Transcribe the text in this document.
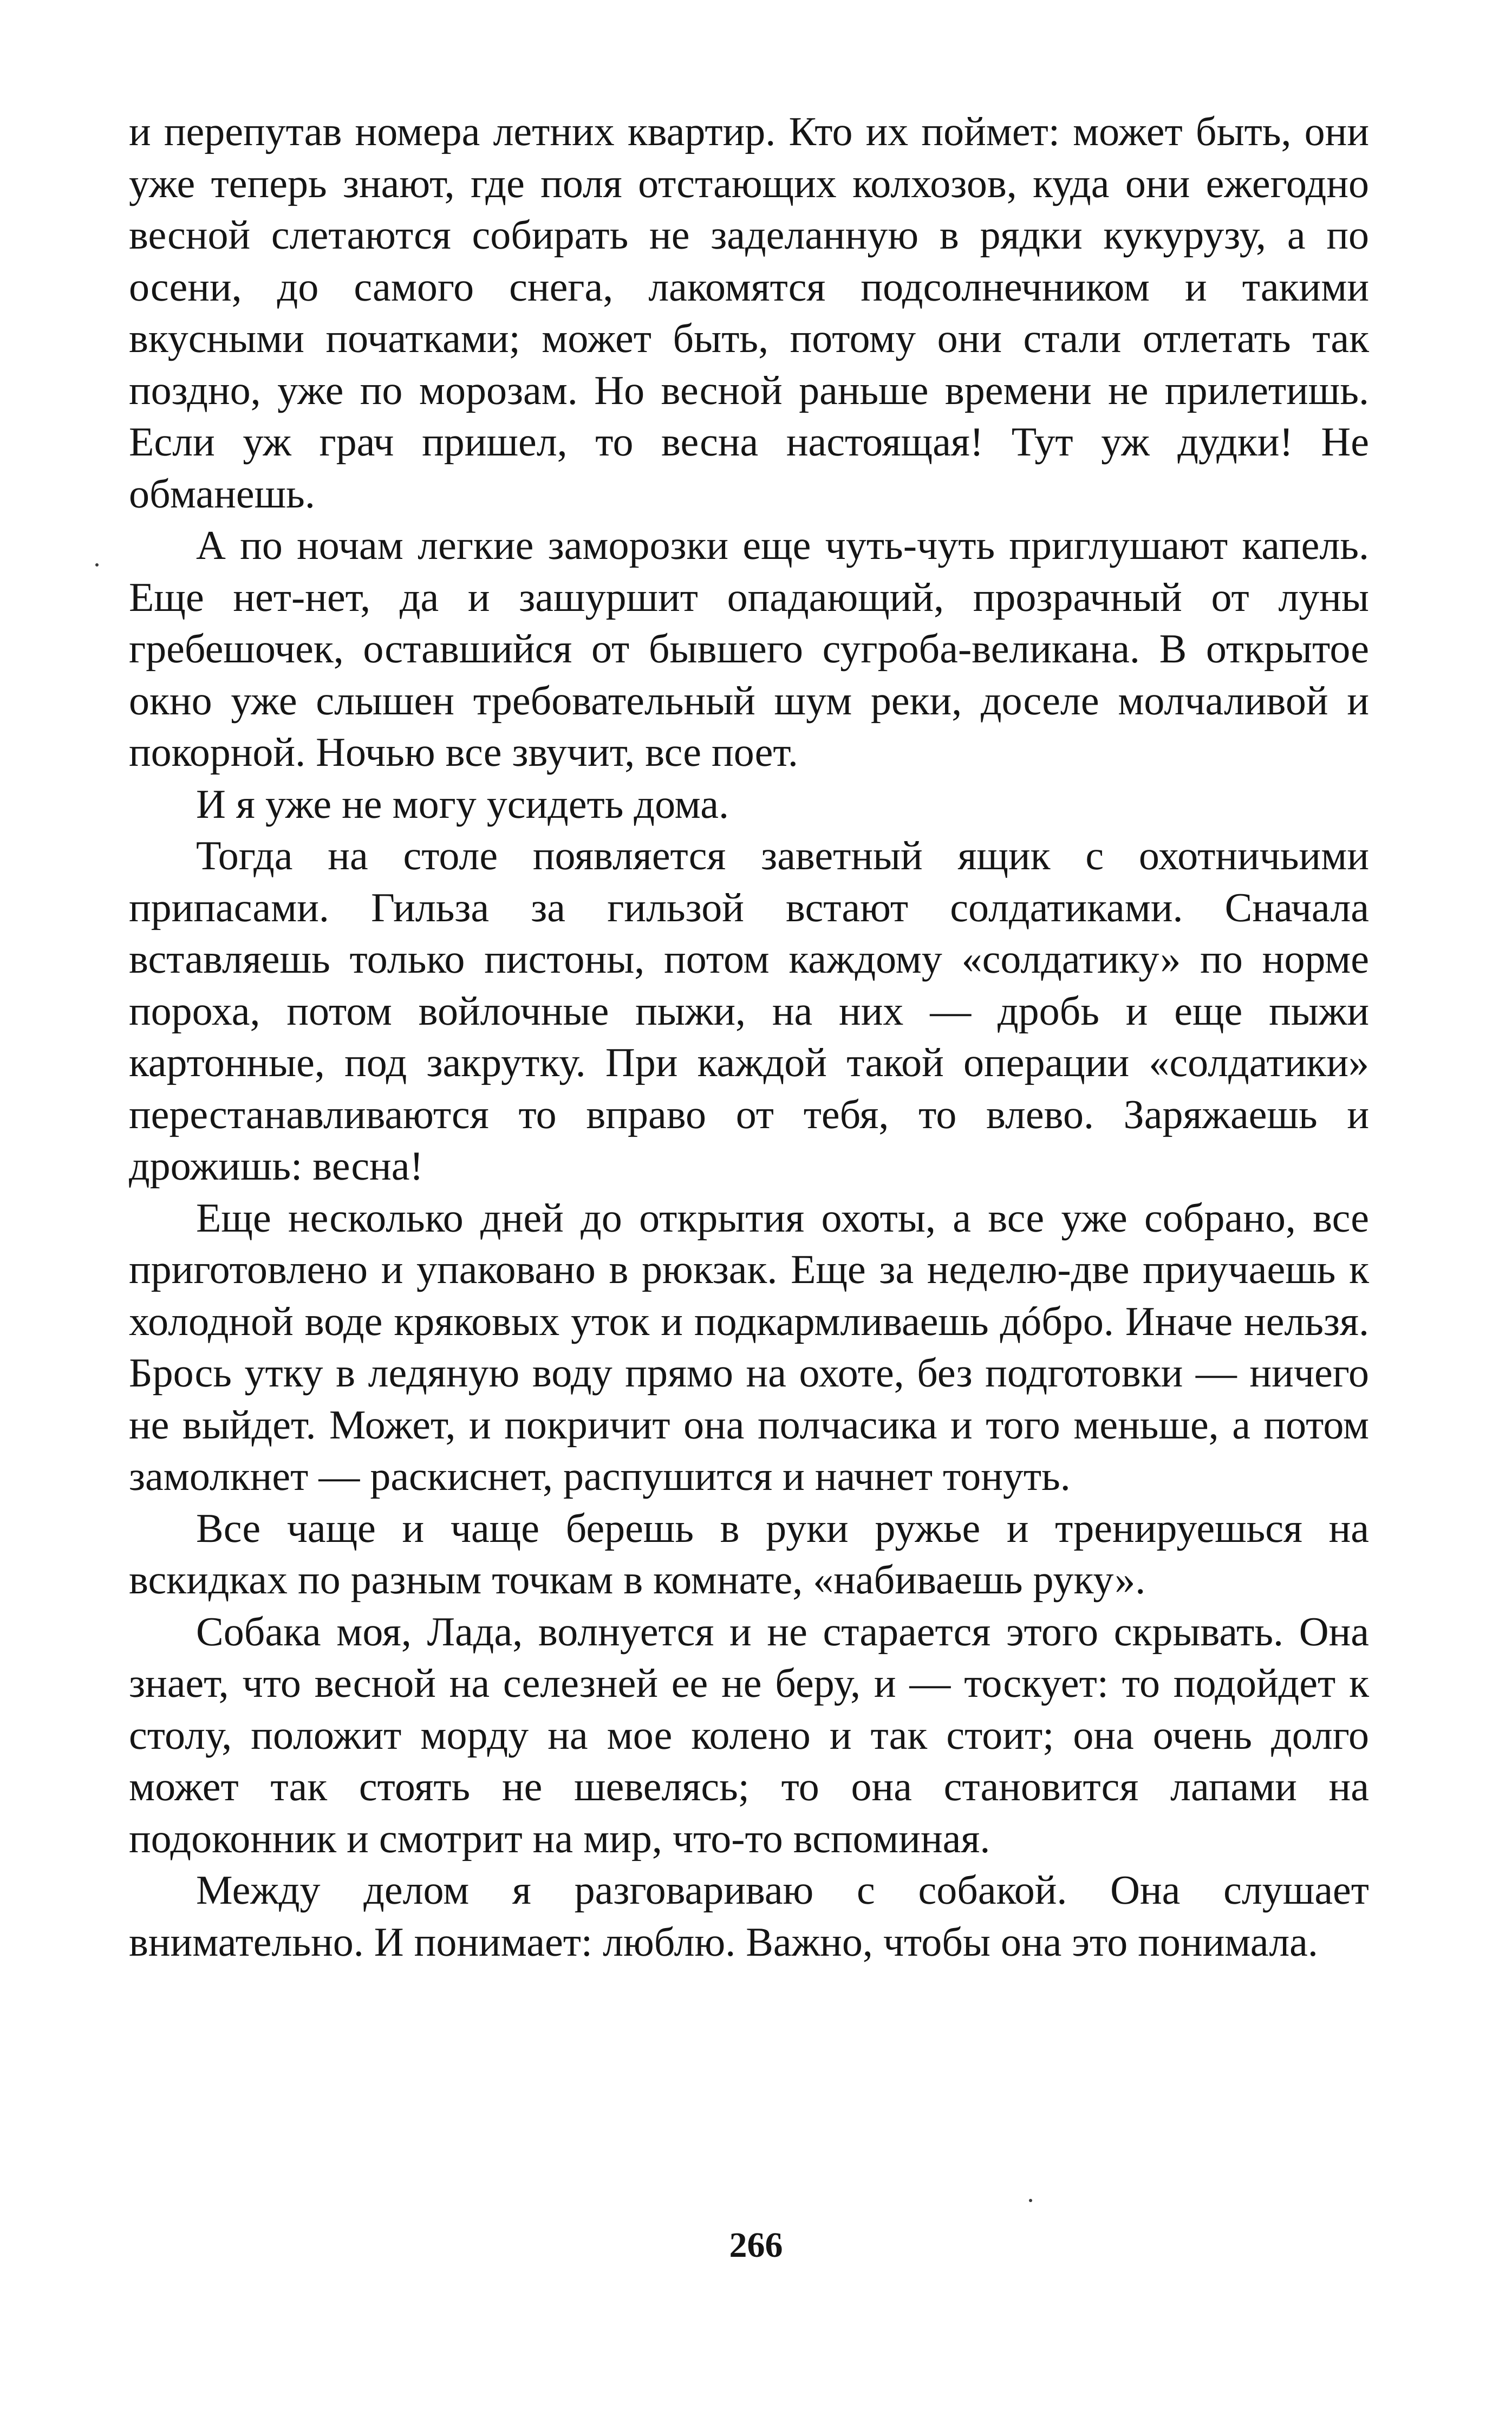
и перепутав номера летних квартир. Кто их поймет: может быть, они уже теперь знают, где поля отстающих колхозов, куда они ежегодно весной слетаются собирать не заделанную в рядки кукурузу, а по осени, до самого снега, лакомятся подсолнечником и такими вкусными початками; может быть, потому они стали отлетать так поздно, уже по морозам. Но весной раньше времени не прилетишь. Если уж грач пришел, то весна настоящая! Тут уж дудки! Не обманешь.

А по ночам легкие заморозки еще чуть-чуть приглушают капель. Еще нет-нет, да и зашуршит опадающий, прозрачный от луны гребешочек, оставшийся от бывшего сугроба-великана. В открытое окно уже слышен требовательный шум реки, доселе молчаливой и покорной. Ночью все звучит, все поет.

И я уже не могу усидеть дома.

Тогда на столе появляется заветный ящик с охотничьими припасами. Гильза за гильзой встают солдатиками. Сначала вставляешь только пистоны, потом каждому «солдатику» по норме пороха, потом войлочные пыжи, на них — дробь и еще пыжи картонные, под закрутку. При каждой такой операции «солдатики» перестанавливаются то вправо от тебя, то влево. Заряжаешь и дрожишь: весна!

Еще несколько дней до открытия охоты, а все уже собрано, все приготовлено и упаковано в рюкзак. Еще за неделю-две приучаешь к холодной воде кряковых уток и подкармливаешь дóбро. Иначе нельзя. Брось утку в ледяную воду прямо на охоте, без подготовки — ничего не выйдет. Может, и покричит она полчасика и того меньше, а потом замолкнет — раскиснет, распушится и начнет тонуть.

Все чаще и чаще берешь в руки ружье и тренируешься на вскидках по разным точкам в комнате, «набиваешь руку».

Собака моя, Лада, волнуется и не старается этого скрывать. Она знает, что весной на селезней ее не беру, и — тоскует: то подойдет к столу, положит морду на мое колено и так стоит; она очень долго может так стоять не шевелясь; то она становится лапами на подоконник и смотрит на мир, что-то вспоминая.

Между делом я разговариваю с собакой. Она слушает внимательно. И понимает: люблю. Важно, чтобы она это понимала.

266
